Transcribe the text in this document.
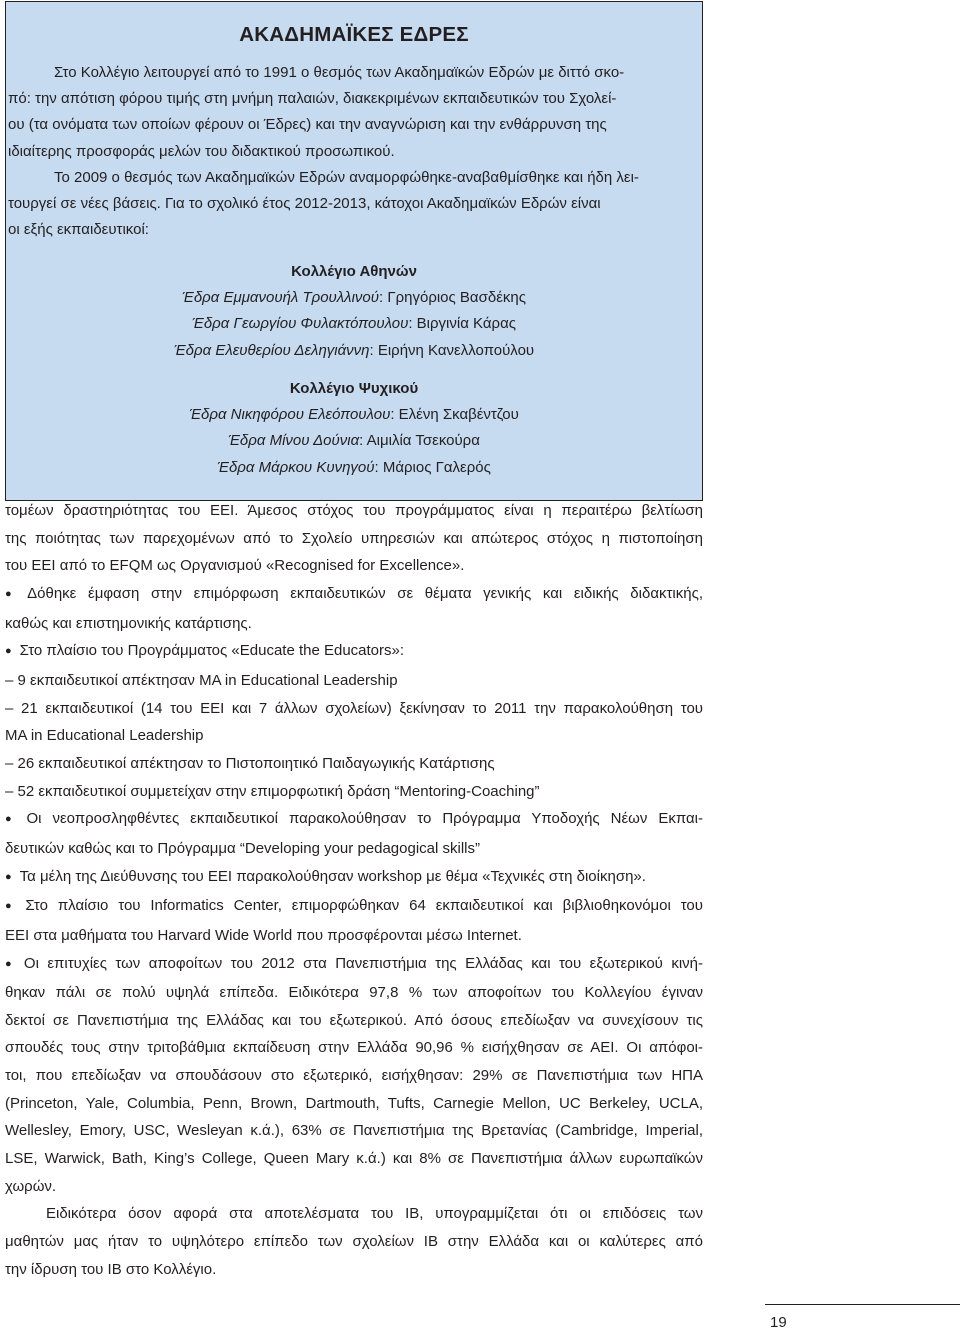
ΑΚΑΔΗΜΑΪΚΕΣ ΕΔΡΕΣ
Στο Κολλέγιο λειτουργεί από το 1991 ο θεσμός των Ακαδημαϊκών Εδρών με διττό σκο-
πό: την απότιση φόρου τιμής στη μνήμη παλαιών, διακεκριμένων εκπαιδευτικών του Σχολεί-
ου (τα ονόματα των οποίων φέρουν οι Έδρες) και την αναγνώριση και την ενθάρρυνση της
ιδιαίτερης προσφοράς μελών του διδακτικού προσωπικού.
Το 2009 ο θεσμός των Ακαδημαϊκών Εδρών αναμορφώθηκε-αναβαθμίσθηκε και ήδη λει-
τουργεί σε νέες βάσεις. Για το σχολικό έτος 2012-2013, κάτοχοι Ακαδημαϊκών Εδρών είναι
οι εξής εκπαιδευτικοί:
Κολλέγιο Αθηνών
Έδρα Εμμανουήλ Τρουλλινού: Γρηγόριος Βασδέκης
Έδρα Γεωργίου Φυλακτόπουλου: Βιργινία Κάρας
Έδρα Ελευθερίου Δεληγιάννη: Ειρήνη Κανελλοπούλου
Κολλέγιο Ψυχικού
Έδρα Νικηφόρου Ελεόπουλου: Ελένη Σκαβέντζου
Έδρα Μίνου Δούνια: Αιμιλία Τσεκούρα
Έδρα Μάρκου Κυνηγού: Μάριος Γαλερός
τομέων δραστηριότητας του ΕΕΙ. Άμεσος στόχος του προγράμματος είναι η περαιτέρω βελτίωση
της ποιότητας των παρεχομένων από το Σχολείο υπηρεσιών και απώτερος στόχος η πιστοποίηση
του ΕΕΙ από το EFQM ως Οργανισμού «Recognised for Excellence».
● Δόθηκε έμφαση στην επιμόρφωση εκπαιδευτικών σε θέματα γενικής και ειδικής διδακτικής,
καθώς και επιστημονικής κατάρτισης.
● Στο πλαίσιο του Προγράμματος «Educate the Educators»:
– 9 εκπαιδευτικοί απέκτησαν MA in Educational Leadership
– 21 εκπαιδευτικοί (14 του ΕΕΙ και 7 άλλων σχολείων) ξεκίνησαν το 2011 την παρακολούθηση του
MA in Educational Leadership
– 26 εκπαιδευτικοί απέκτησαν το Πιστοποιητικό Παιδαγωγικής Κατάρτισης
– 52 εκπαιδευτικοί συμμετείχαν στην επιμορφωτική δράση “Mentoring-Coaching”
● Οι νεοπροσληφθέντες εκπαιδευτικοί παρακολούθησαν το Πρόγραμμα Υποδοχής Νέων Εκπαι-
δευτικών καθώς και το Πρόγραμμα “Developing your pedagogical skills”
● Τα μέλη της Διεύθυνσης του ΕΕΙ παρακολούθησαν workshop με θέμα «Τεχνικές στη διοίκηση».
● Στο πλαίσιο του Informatics Center, επιμορφώθηκαν 64 εκπαιδευτικοί και βιβλιοθηκονόμοι του
ΕΕΙ στα μαθήματα του Harvard Wide World που προσφέρονται μέσω Internet.
● Οι επιτυχίες των αποφοίτων του 2012 στα Πανεπιστήμια της Ελλάδας και του εξωτερικού κινή-
θηκαν πάλι σε πολύ υψηλά επίπεδα. Ειδικότερα 97,8 % των αποφοίτων του Κολλεγίου έγιναν
δεκτοί σε Πανεπιστήμια της Ελλάδας και του εξωτερικού. Από όσους επεδίωξαν να συνεχίσουν τις
σπουδές τους στην τριτοβάθμια εκπαίδευση στην Ελλάδα 90,96 % εισήχθησαν σε ΑΕΙ. Οι απόφοι-
τοι, που επεδίωξαν να σπουδάσουν στο εξωτερικό, εισήχθησαν: 29% σε Πανεπιστήμια των ΗΠΑ
(Princeton, Yale, Columbia, Penn, Brown, Dartmouth, Tufts, Carnegie Mellon, UC Berkeley, UCLA,
Wellesley, Emory, USC, Wesleyan κ.ά.), 63% σε Πανεπιστήμια της Βρετανίας (Cambridge, Imperial,
LSE, Warwick, Bath, King’s College, Queen Mary κ.ά.) και 8% σε Πανεπιστήμια άλλων ευρωπαϊκών
χωρών.
Ειδικότερα όσον αφορά στα αποτελέσματα του IB, υπογραμμίζεται ότι οι επιδόσεις των
μαθητών μας ήταν το υψηλότερο επίπεδο των σχολείων IB στην Ελλάδα και οι καλύτερες από
την ίδρυση του IB στο Κολλέγιο.
19
